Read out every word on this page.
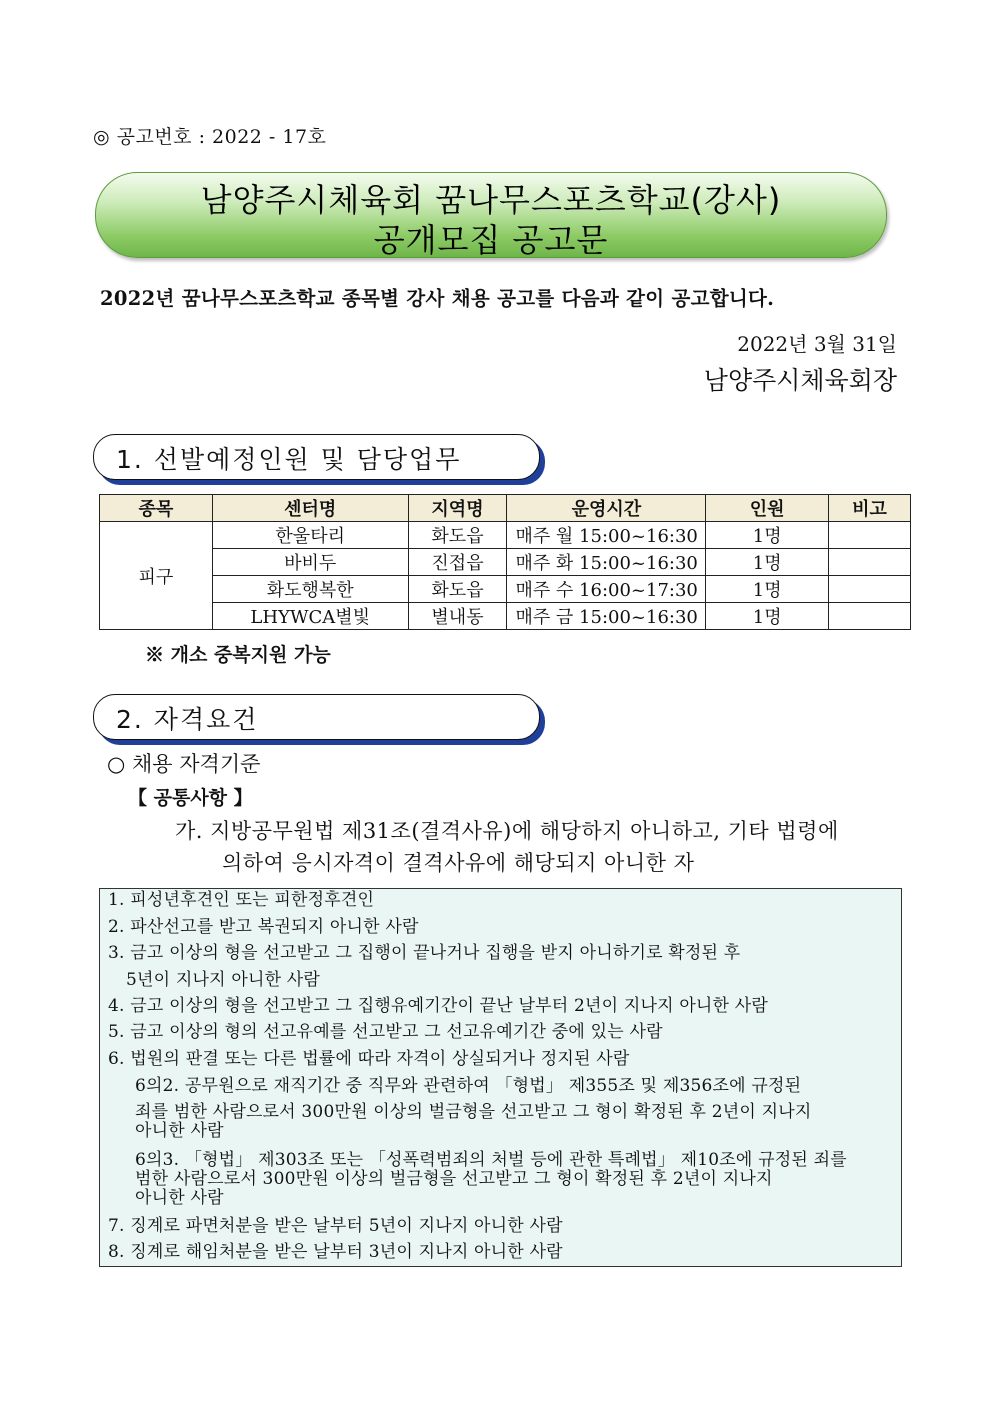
◎ 공고번호 : 2022 - 17호
남양주시체육회 꿈나무스포츠학교(강사)
공개모집 공고문
2022년 꿈나무스포츠학교 종목별 강사 채용 공고를 다음과 같이 공고합니다.
2022년 3월 31일
남양주시체육회장
1. 선발예정인원 및 담당업무
종목	센터명	지역명	운영시간	인원	비고
피구	한울타리	화도읍	매주 월 15:00~16:30	1명	
	바비두	진접읍	매주 화 15:00~16:30	1명	
	화도행복한	화도읍	매주 수 16:00~17:30	1명	
	LHYWCA별빛	별내동	매주 금 15:00~16:30	1명	
※ 개소 중복지원 가능
2. 자격요건
○ 채용 자격기준
【 공통사항 】
가. 지방공무원법 제31조(결격사유)에 해당하지 아니하고, 기타 법령에
의하여 응시자격이 결격사유에 해당되지 아니한 자
1. 피성년후견인 또는 피한정후견인
2. 파산선고를 받고 복권되지 아니한 사람
3. 금고 이상의 형을 선고받고 그 집행이 끝나거나 집행을 받지 아니하기로 확정된 후
5년이 지나지 아니한 사람
4. 금고 이상의 형을 선고받고 그 집행유예기간이 끝난 날부터 2년이 지나지 아니한 사람
5. 금고 이상의 형의 선고유예를 선고받고 그 선고유예기간 중에 있는 사람
6. 법원의 판결 또는 다른 법률에 따라 자격이 상실되거나 정지된 사람
6의2. 공무원으로 재직기간 중 직무와 관련하여 「형법」 제355조 및 제356조에 규정된
죄를 범한 사람으로서 300만원 이상의 벌금형을 선고받고 그 형이 확정된 후 2년이 지나지
아니한 사람
6의3. 「형법」 제303조 또는 「성폭력범죄의 처벌 등에 관한 특례법」 제10조에 규정된 죄를
범한 사람으로서 300만원 이상의 벌금형을 선고받고 그 형이 확정된 후 2년이 지나지
아니한 사람
7. 징계로 파면처분을 받은 날부터 5년이 지나지 아니한 사람
8. 징계로 해임처분을 받은 날부터 3년이 지나지 아니한 사람
